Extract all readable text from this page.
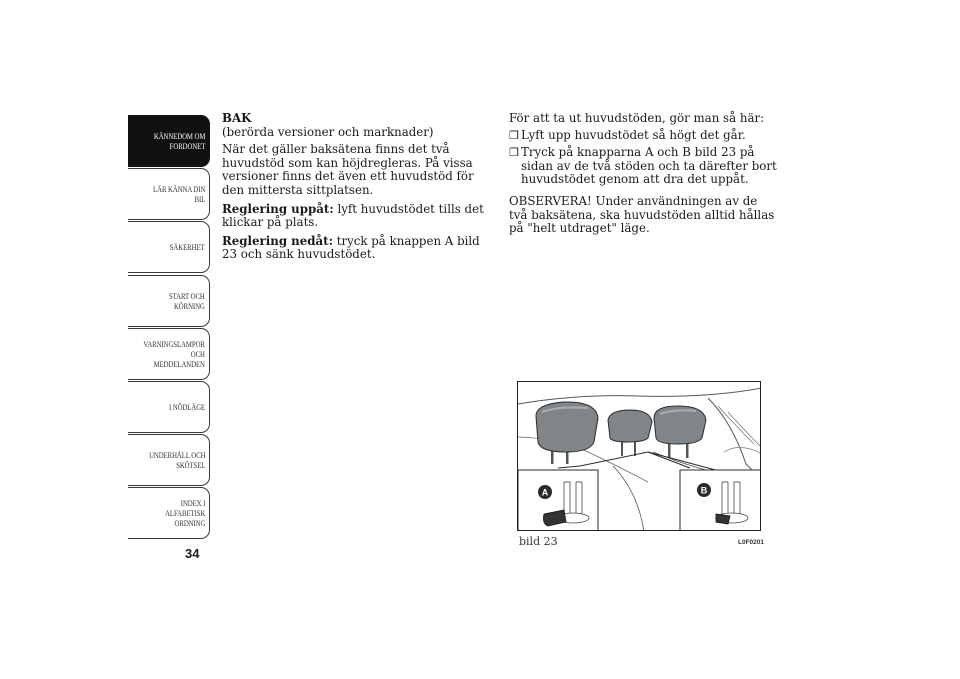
KÄNNEDOM OM
FORDONET
LÄR KÄNNA DIN
BIL
SÄKERHET
START OCH
KÖRNING
VARNINGSLAMPOR
OCH
MEDDELANDEN
I NÖDLÄGE
UNDERHÅLL OCH
SKÖTSEL
INDEX I
ALFABETISK
ORDNING
34

BAK
(berörda versioner och marknader)

När det gäller baksätena finns det två huvudstöd som kan höjdregleras. På vissa versioner finns det även ett huvudstöd för den mittersta sittplatsen.

Reglering uppåt: lyft huvudstödet tills det klickar på plats.

Reglering nedåt: tryck på knappen A bild 23 och sänk huvudstödet.

För att ta ut huvudstöden, gör man så här:

❒ Lyft upp huvudstödet så högt det går.
❒ Tryck på knapparna A och B bild 23 på sidan av de två stöden och ta därefter bort huvudstödet genom att dra det uppåt.

OBSERVERA! Under användningen av de två baksätena, ska huvudstöden alltid hållas på "helt utdraget" läge.

A	B
bild 23	L0F0201
